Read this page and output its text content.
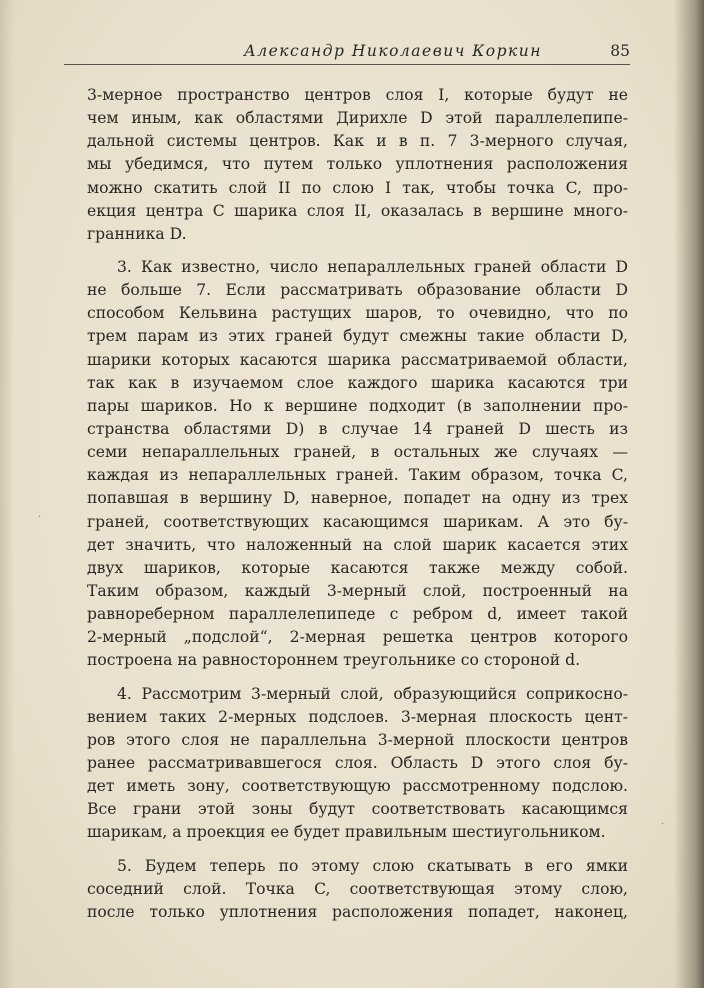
Александр Николаевич Коркин	85
·
·
3-мерное пространство центров слоя I, которые будут не
чем иным, как областями Дирихле D этой параллелепипе-
дальной системы центров. Как и в п. 7 3-мерного случая,
мы убедимся, что путем только уплотнения расположения
можно скатить слой II по слою I так, чтобы точка C, про-
екция центра C шарика слоя II, оказалась в вершине много-
гранника D.
3. Как известно, число непараллельных граней области D
не больше 7. Если рассматривать образование области D
способом Кельвина растущих шаров, то очевидно, что по
трем парам из этих граней будут смежны такие области D,
шарики которых касаются шарика рассматриваемой области,
так как в изучаемом слое каждого шарика касаются три
пары шариков. Но к вершине подходит (в заполнении про-
странства областями D) в случае 14 граней D шесть из
семи непараллельных граней, в остальных же случаях —
каждая из непараллельных граней. Таким образом, точка C,
попавшая в вершину D, наверное, попадет на одну из трех
граней, соответствующих касающимся шарикам. А это бу-
дет значить, что наложенный на слой шарик касается этих
двух шариков, которые касаются также между собой.
Таким образом, каждый 3-мерный слой, построенный на
равнореберном параллелепипеде с ребром d, имеет такой
2-мерный „подслой“, 2-мерная решетка центров которого
построена на равностороннем треугольнике со стороной d.
4. Рассмотрим 3-мерный слой, образующийся соприкосно-
вением таких 2-мерных подслоев. 3-мерная плоскость цент-
ров этого слоя не параллельна 3-мерной плоскости центров
ранее рассматривавшегося слоя. Область D этого слоя бу-
дет иметь зону, соответствующую рассмотренному подслою.
Все грани этой зоны будут соответствовать касающимся
шарикам, а проекция ее будет правильным шестиугольником.
5. Будем теперь по этому слою скатывать в его ямки
соседний слой. Точка C, соответствующая этому слою,
после только уплотнения расположения попадет, наконец,
